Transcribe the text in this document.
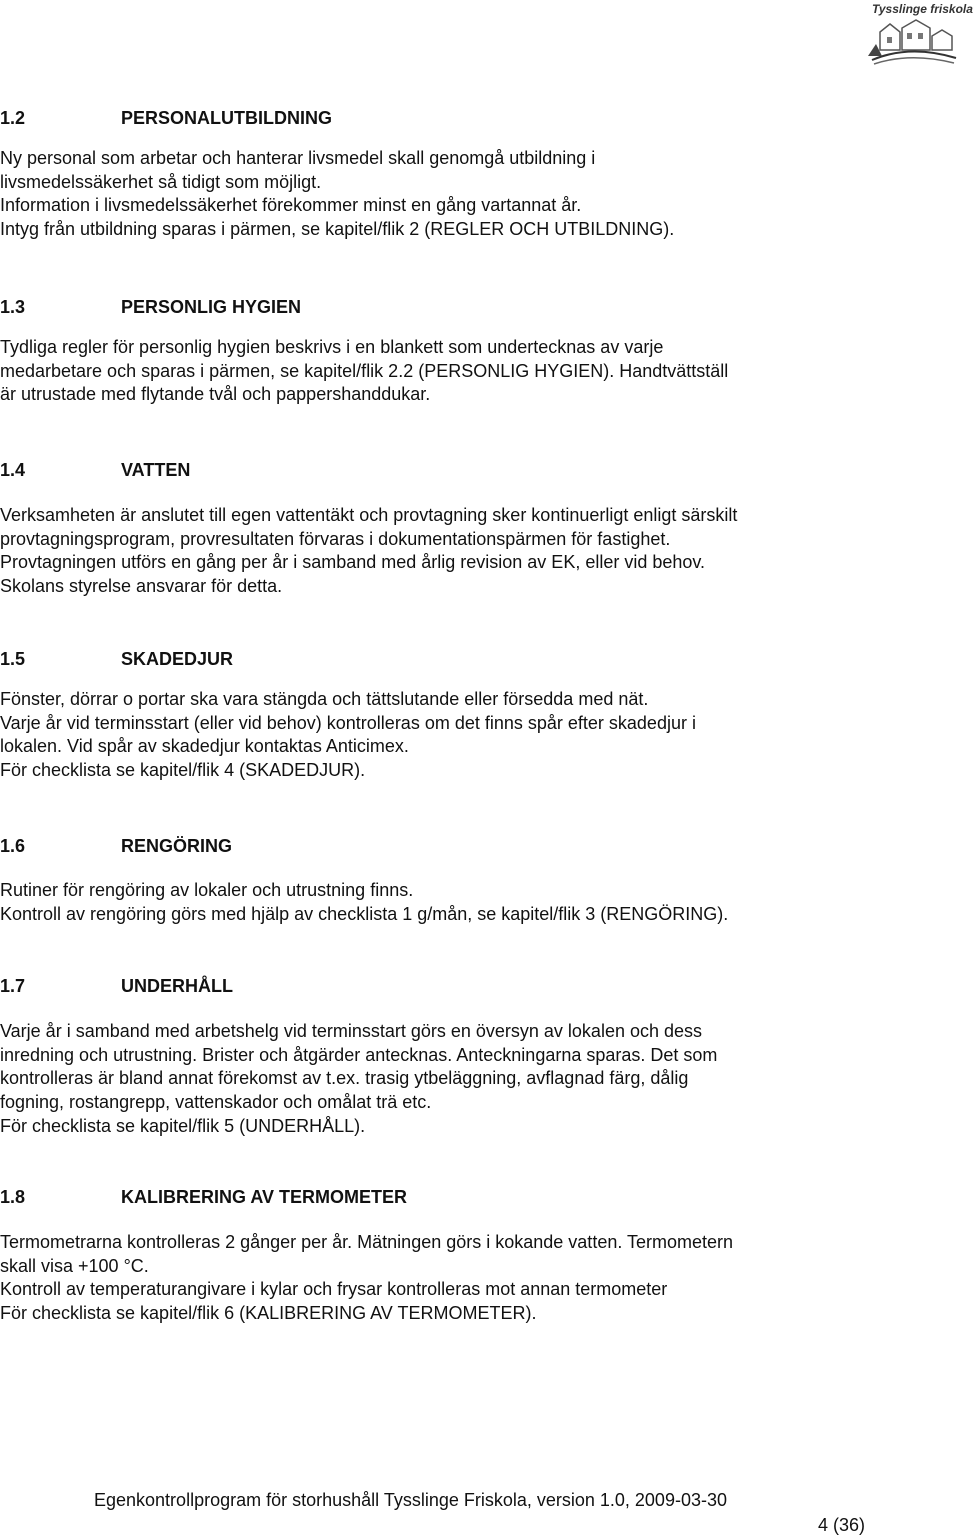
Tysslinge friskola
1.2	PERSONALUTBILDNING
Ny personal som arbetar och hanterar livsmedel skall genomgå utbildning i
livsmedelssäkerhet så tidigt som möjligt.
Information i livsmedelssäkerhet förekommer minst en gång vartannat år.
Intyg från utbildning sparas i pärmen, se kapitel/flik 2 (REGLER OCH UTBILDNING).
1.3	PERSONLIG HYGIEN
Tydliga regler för personlig hygien beskrivs i en blankett som undertecknas av varje
medarbetare och sparas i pärmen, se kapitel/flik 2.2 (PERSONLIG HYGIEN). Handtvättställ
är utrustade med flytande tvål och pappershanddukar.
1.4	VATTEN
Verksamheten är anslutet till egen vattentäkt och provtagning sker kontinuerligt enligt särskilt
provtagningsprogram, provresultaten förvaras i dokumentationspärmen för fastighet.
Provtagningen utförs en gång per år i samband med årlig revision av EK, eller vid behov.
Skolans styrelse ansvarar för detta.
1.5	SKADEDJUR
Fönster, dörrar o portar ska vara stängda och tättslutande eller försedda med nät.
Varje år vid terminsstart (eller vid behov) kontrolleras om det finns spår efter skadedjur i
lokalen. Vid spår av skadedjur kontaktas Anticimex.
För checklista se kapitel/flik 4 (SKADEDJUR).
1.6	RENGÖRING
Rutiner för rengöring av lokaler och utrustning finns.
Kontroll av rengöring görs med hjälp av checklista 1 g/mån, se kapitel/flik 3 (RENGÖRING).
1.7	UNDERHÅLL
Varje år i samband med arbetshelg vid terminsstart görs en översyn av lokalen och dess
inredning och utrustning. Brister och åtgärder antecknas. Anteckningarna sparas. Det som
kontrolleras är bland annat förekomst av t.ex. trasig ytbeläggning, avflagnad färg, dålig
fogning, rostangrepp, vattenskador och omålat trä etc.
För checklista se kapitel/flik 5 (UNDERHÅLL).
1.8	KALIBRERING AV TERMOMETER
Termometrarna kontrolleras 2 gånger per år. Mätningen görs i kokande vatten. Termometern
skall visa +100 °C.
Kontroll av temperaturangivare i kylar och frysar kontrolleras mot annan termometer
För checklista se kapitel/flik 6 (KALIBRERING AV TERMOMETER).
Egenkontrollprogram för storhushåll Tysslinge Friskola, version 1.0, 2009-03-30
4 (36)
